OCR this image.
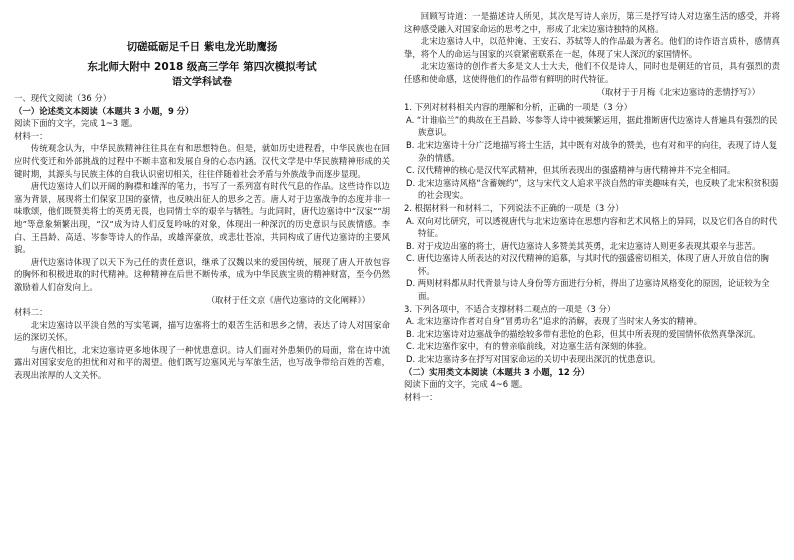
切磋砥砺足千日 紫电龙光助鹰扬
东北师大附中 2018 级高三学年 第四次模拟考试
语文学科试卷
一、现代文阅读（36 分）
（一）论述类文本阅读（本题共 3 小题，9 分）
阅读下面的文字，完成 1~3 题。
材料一：

传统观念认为，中华民族精神往往具在有和思想特色。但是，就如历史进程看，中华民族也在回应时代变迁和外部挑战的过程中不断丰富和发展自身的心态内涵。汉代文学是中华民族精神形成的关键时期，其源头与民族主体的自我认识密切相关，往往伴随着社会矛盾与外族战争而逐步显现。

唐代边塞诗人们以开阔的胸襟和雄浑的笔力，书写了一系列富有时代气息的作品。这些诗作以边塞为背景，展现将士们保家卫国的豪情，也反映出征人的思乡之苦。唐人对于边塞战争的态度并非一味歌颂，他们既赞美将士的英勇无畏，也同情士卒的艰辛与牺牲。与此同时，唐代边塞诗中“汉家”“胡地”等意象频繁出现，“汉”成为诗人们反复吟咏的对象，体现出一种深沉的历史意识与民族情感。李白、王昌龄、高适、岑参等诗人的作品，或雄浑豪放，或悲壮苍凉，共同构成了唐代边塞诗的主要风貌。

唐代边塞诗体现了以天下为己任的责任意识，继承了汉魏以来的爱国传统，展现了唐人开放包容的胸怀和积极进取的时代精神。这种精神在后世不断传承，成为中华民族宝贵的精神财富，至今仍然激励着人们奋发向上。

（取材于任文京《唐代边塞诗的文化阐释》）
材料二：

北宋边塞诗以平淡自然的写实笔调，描写边塞将士的艰苦生活和思乡之情，表达了诗人对国家命运的深切关怀。

与唐代相比，北宋边塞诗更多地体现了一种忧患意识。诗人们面对外患频仍的局面，常在诗中流露出对国家安危的担忧和对和平的渴望。他们既写边塞风光与军旅生活，也写战争带给百姓的苦难，表现出浓厚的人文关怀。

回顾写诗道：一是描述诗人所见，其次是写诗人亲历，第三是抒写诗人对边塞生活的感受，并将这种感受融入对国家命运的思考之中，形成了北宋边塞诗独特的风格。

北宋边塞诗人中，以范仲淹、王安石、苏轼等人的作品最为著名。他们的诗作语言质朴，感情真挚，将个人的命运与国家的兴衰紧密联系在一起，体现了宋人深沉的家国情怀。

北宋边塞诗的创作者大多是文人士大夫，他们不仅是诗人，同时也是朝廷的官员，具有强烈的责任感和使命感，这使得他们的作品带有鲜明的时代特征。

（取材于于月梅《北宋边塞诗的悲情抒写》）
1. 下列对材料相关内容的理解和分析，正确的一项是（3 分）
A. “计谁临兰”的典故在王昌龄、岑参等人诗中被频繁运用，据此推断唐代边塞诗人普遍具有强烈的民族意识。
B. 北宋边塞诗十分广泛地描写将士生活，其中既有对战争的赞美，也有对和平的向往，表现了诗人复杂的情感。
C. 汉代精神的核心是汉代军武精神，但其所表现出的强盛精神与唐代精神并不完全相同。
D. 北宋边塞诗风格“含蓄婉约”，这与宋代文人追求平淡自然的审美趣味有关，也反映了北宋积贫积弱的社会现实。
2. 根据材料一和材料二，下列说法不正确的一项是（3 分）
A. 双向对比研究，可以透视唐代与北宋边塞诗在思想内容和艺术风格上的异同，以及它们各自的时代特征。
B. 对于戍边出塞的将士，唐代边塞诗人多赞美其英勇，北宋边塞诗人则更多表现其艰辛与悲苦。
C. 唐代边塞诗人所表达的对汉代精神的追慕，与其时代的强盛密切相关，体现了唐人开放自信的胸怀。
D. 两则材料都从时代背景与诗人身份等方面进行分析，得出了边塞诗风格变化的原因，论证较为全面。
3. 下列各项中，不适合支撑材料二观点的一项是（3 分）
A. 北宋边塞诗作者对自身“冒勇功名”追求的消解，表现了当时宋人务实的精神。
B. 北宋边塞诗对边塞战争的描绘较多带有悲怆的色彩，但其中所表现的爱国情怀依然真挚深沉。
C. 北宋边塞作家中，有的曾亲临前线，对边塞生活有深刻的体验。
D. 北宋边塞诗多在抒写对国家命运的关切中表现出深沉的忧患意识。
（二）实用类文本阅读（本题共 3 小题，12 分）
阅读下面的文字，完成 4~6 题。
材料一：
